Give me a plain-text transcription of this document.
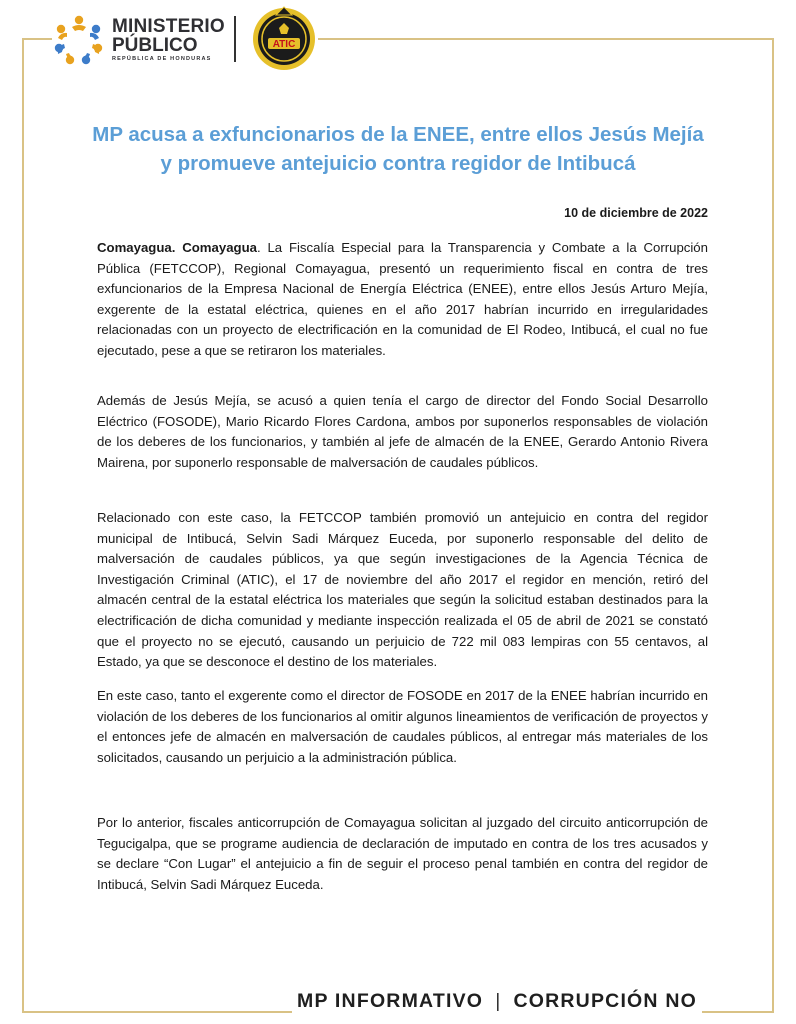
MINISTERIO
PÚBLICO
REPÚBLICA DE HONDURAS
ATIC
MP acusa a exfuncionarios de la ENEE, entre ellos Jesús Mejía
y promueve antejuicio contra regidor de Intibucá
10 de diciembre de 2022

Comayagua. Comayagua. La Fiscalía Especial para la Transparencia y Combate a la Corrupción Pública (FETCCOP), Regional Comayagua, presentó un requerimiento fiscal en contra de tres exfuncionarios de la Empresa Nacional de Energía Eléctrica (ENEE), entre ellos Jesús Arturo Mejía, exgerente de la estatal eléctrica, quienes en el año 2017 habrían incurrido en irregularidades relacionadas con un proyecto de electrificación en la comunidad de El Rodeo, Intibucá, el cual no fue ejecutado, pese a que se retiraron los materiales.

Además de Jesús Mejía, se acusó a quien tenía el cargo de director del Fondo Social Desarrollo Eléctrico (FOSODE), Mario Ricardo Flores Cardona, ambos por suponerlos responsables de violación de los deberes de los funcionarios, y también al jefe de almacén de la ENEE, Gerardo Antonio Rivera Mairena, por suponerlo responsable de malversación de caudales públicos.

Relacionado con este caso, la FETCCOP también promovió un antejuicio en contra del regidor municipal de Intibucá, Selvin Sadi Márquez Euceda, por suponerlo responsable del delito de malversación de caudales públicos, ya que según investigaciones de la Agencia Técnica de Investigación Criminal (ATIC), el 17 de noviembre del año 2017 el regidor en mención, retiró del almacén central de la estatal eléctrica los materiales que según la solicitud estaban destinados para la electrificación de dicha comunidad y mediante inspección realizada el 05 de abril de 2021 se constató que el proyecto no se ejecutó, causando un perjuicio de 722 mil 083 lempiras con 55 centavos, al Estado, ya que se desconoce el destino de los materiales.

En este caso, tanto el exgerente como el director de FOSODE en 2017 de la ENEE habrían incurrido en violación de los deberes de los funcionarios al omitir algunos lineamientos de verificación de proyectos y el entonces jefe de almacén en malversación de caudales públicos, al entregar más materiales de los solicitados, causando un perjuicio a la administración pública.

Por lo anterior, fiscales anticorrupción de Comayagua solicitan al juzgado del circuito anticorrupción de Tegucigalpa, que se programe audiencia de declaración de imputado en contra de los tres acusados y se declare “Con Lugar” el antejuicio a fin de seguir el proceso penal también en contra del regidor de Intibucá, Selvin Sadi Márquez Euceda.

MP INFORMATIVO | CORRUPCIÓN NO
